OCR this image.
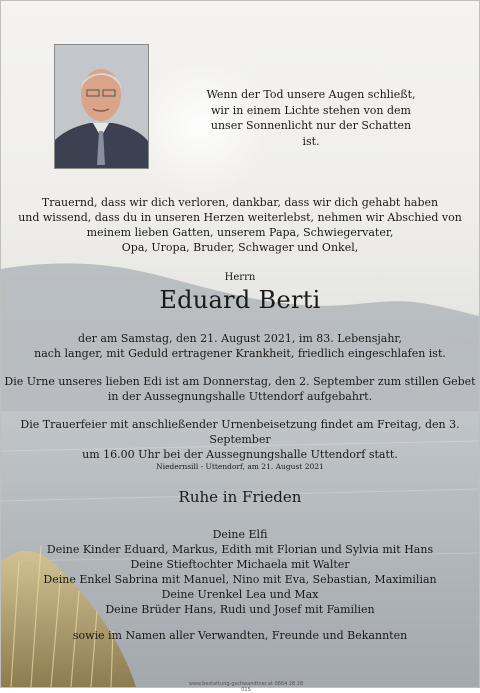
Wenn der Tod unsere Augen schließt,
wir in einem Lichte stehen von dem
unser Sonnenlicht nur der Schatten ist.
Trauernd, dass wir dich verloren, dankbar, dass wir dich gehabt haben
und wissend, dass du in unseren Herzen weiterlebst, nehmen wir Abschied von
meinem lieben Gatten, unserem Papa, Schwiegervater,
Opa, Uropa, Bruder, Schwager und Onkel,
Herrn
Eduard Berti
der am Samstag, den 21. August 2021, im 83. Lebensjahr,
nach langer, mit Geduld ertragener Krankheit, friedlich eingeschlafen ist.
Die Urne unseres lieben Edi ist am Donnerstag, den 2. September zum stillen Gebet
in der Aussegnungshalle Uttendorf aufgebahrt.
Die Trauerfeier mit anschließender Urnenbeisetzung findet am Freitag, den 3. September
um 16.00 Uhr bei der Aussegnungshalle Uttendorf statt.
Niedernsill - Uttendorf, am 21. August 2021
Ruhe in Frieden
Deine Elfi
Deine Kinder Eduard, Markus, Edith mit Florian und Sylvia mit Hans
Deine Stieftochter Michaela mit Walter
Deine Enkel Sabrina mit Manuel, Nino mit Eva, Sebastian, Maximilian
Deine Urenkel Lea und Max
Deine Brüder Hans, Rudi und Josef mit Familien
sowie im Namen aller Verwandten, Freunde und Bekannten
www.bestattung-gschwandtner.at 0664 28 28 015
